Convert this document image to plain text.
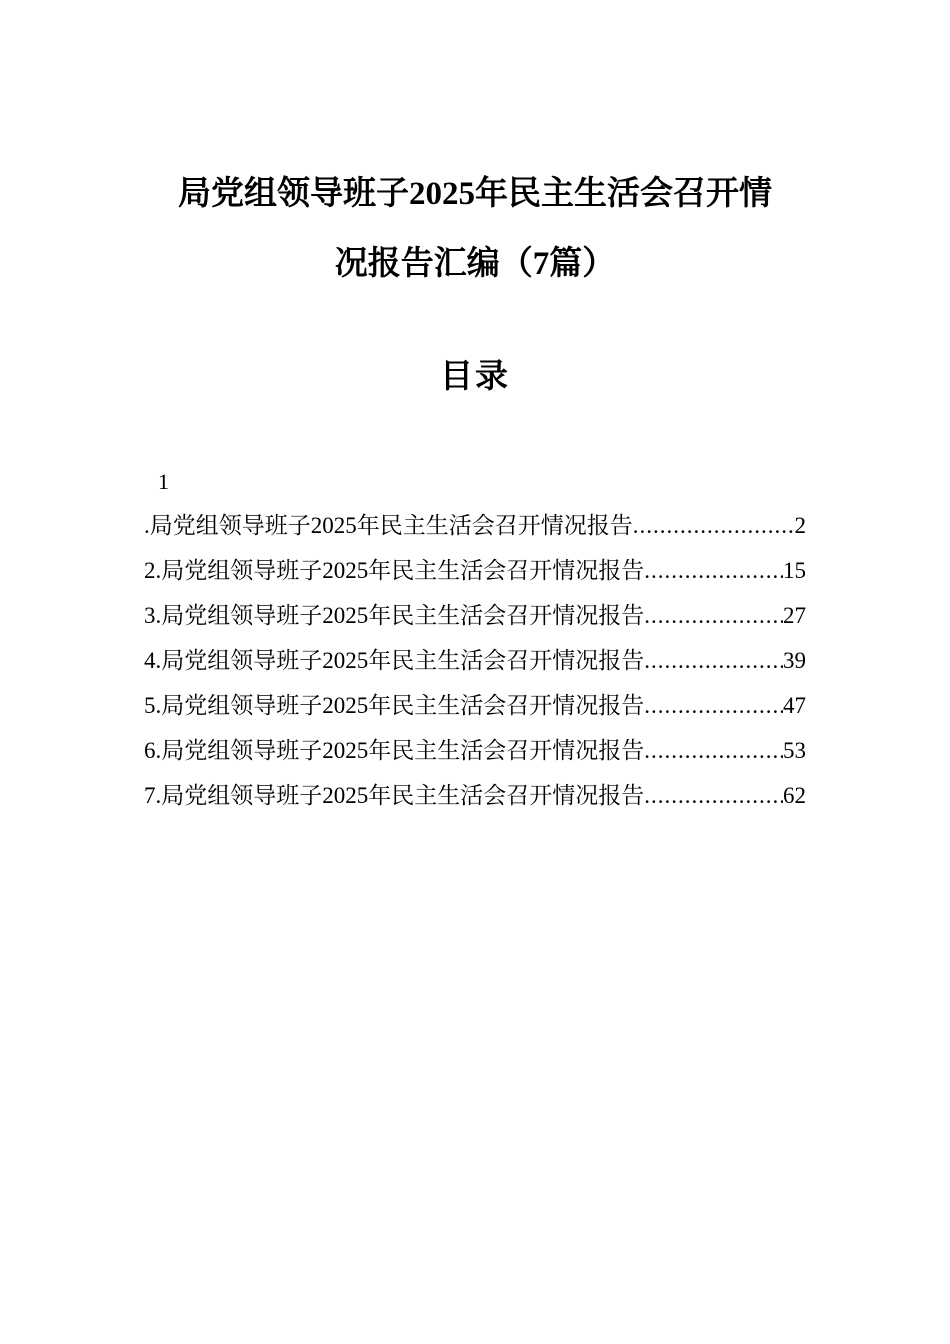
局党组领导班子2025年民主生活会召开情
况报告汇编（7篇）
目录
1
.局党组领导班子2025年民主生活会召开情况报告 .....	2
2.局党组领导班子2025年民主生活会召开情况报告 .....	15
3.局党组领导班子2025年民主生活会召开情况报告 .....	27
4.局党组领导班子2025年民主生活会召开情况报告 .....	39
5.局党组领导班子2025年民主生活会召开情况报告 .....	47
6.局党组领导班子2025年民主生活会召开情况报告 .....	53
7.局党组领导班子2025年民主生活会召开情况报告 .....	62
